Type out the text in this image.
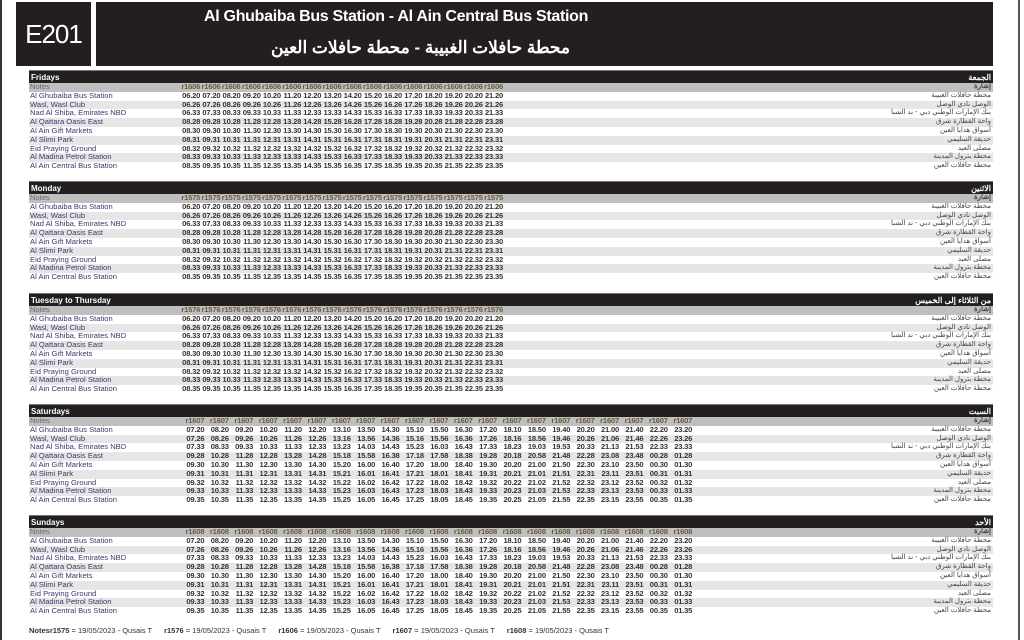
E201
Al Ghubaiba Bus Station - Al Ain Central Bus Station
محطة حافلات الغبيبة - محطة حافلات العين
Fridays	الجمعة
Notes	r1606 r1606 r1606 r1606 r1606 r1606 r1606 r1606 r1606 r1606 r1606 r1606 r1606 r1606 r1606 r1606	إشارة
Al Ghubaiba Bus Station	06.20 07.20 08.20 09.20 10.20 11.20 12.20 13.20 14.20 15.20 16.20 17.20 18.20 19.20 20.20 21.20	محطة حافلات الغبيبة
Wasl, Wasl Club	06.26 07.26 08.26 09.26 10.26 11.26 12.26 13.26 14.26 15.26 16.26 17.26 18.26 19.26 20.26 21.26	الوصل نادي الوصل
Nad Al Shiba, Emirates NBD	06.33 07.33 08.33 09.33 10.33 11.33 12.33 13.33 14.33 15.33 16.33 17.33 18.33 19.33 20.33 21.33	بنك الإمارات الوطني دبي - ند الشبا
Al Qattara Oasis East	08.28 09.28 10.28 11.28 12.28 13.28 14.28 15.28 16.28 17.28 18.28 19.28 20.28 21.28 22.28 23.28	واحة القطارة شرق
Al Ain Gift Markets	08.30 09.30 10.30 11.30 12.30 13.30 14.30 15.30 16.30 17.30 18.30 19.30 20.30 21.30 22.30 23.30	أسواق هدايا العين
Al Slimi Park	08.31 09.31 10.31 11.31 12.31 13.31 14.31 15.31 16.31 17.31 18.31 19.31 20.31 21.31 22.31 23.31	حديقة السليمي
Eid Praying Ground	08.32 09.32 10.32 11.32 12.32 13.32 14.32 15.32 16.32 17.32 18.32 19.32 20.32 21.32 22.32 23.32	مصلى العيد
Al Madina Petrol Station	08.33 09.33 10.33 11.33 12.33 13.33 14.33 15.33 16.33 17.33 18.33 19.33 20.33 21.33 22.33 23.33	محطة بترول المدينة
Al Ain Central Bus Station	08.35 09.35 10.35 11.35 12.35 13.35 14.35 15.35 16.35 17.35 18.35 19.35 20.35 21.35 22.35 23.35	محطة حافلات العين
Monday	الاثنين
Notes	r1575 r1575 r1575 r1575 r1575 r1575 r1575 r1575 r1575 r1575 r1575 r1575 r1575 r1575 r1575 r1575	إشارة
Al Ghubaiba Bus Station	06.20 07.20 08.20 09.20 10.20 11.20 12.20 13.20 14.20 15.20 16.20 17.20 18.20 19.20 20.20 21.20	محطة حافلات الغبيبة
Wasl, Wasl Club	06.26 07.26 08.26 09.26 10.26 11.26 12.26 13.26 14.26 15.26 16.26 17.26 18.26 19.26 20.26 21.26	الوصل نادي الوصل
Nad Al Shiba, Emirates NBD	06.33 07.33 08.33 09.33 10.33 11.33 12.33 13.33 14.33 15.33 16.33 17.33 18.33 19.33 20.33 21.33	بنك الإمارات الوطني دبي - ند الشبا
Al Qattara Oasis East	08.28 09.28 10.28 11.28 12.28 13.28 14.28 15.28 16.28 17.28 18.28 19.28 20.28 21.28 22.28 23.28	واحة القطارة شرق
Al Ain Gift Markets	08.30 09.30 10.30 11.30 12.30 13.30 14.30 15.30 16.30 17.30 18.30 19.30 20.30 21.30 22.30 23.30	أسواق هدايا العين
Al Slimi Park	08.31 09.31 10.31 11.31 12.31 13.31 14.31 15.31 16.31 17.31 18.31 19.31 20.31 21.31 22.31 23.31	حديقة السليمي
Eid Praying Ground	08.32 09.32 10.32 11.32 12.32 13.32 14.32 15.32 16.32 17.32 18.32 19.32 20.32 21.32 22.32 23.32	مصلى العيد
Al Madina Petrol Station	08.33 09.33 10.33 11.33 12.33 13.33 14.33 15.33 16.33 17.33 18.33 19.33 20.33 21.33 22.33 23.33	محطة بترول المدينة
Al Ain Central Bus Station	08.35 09.35 10.35 11.35 12.35 13.35 14.35 15.35 16.35 17.35 18.35 19.35 20.35 21.35 22.35 23.35	محطة حافلات العين
Tuesday to Thursday	من الثلاثاء إلى الخميس
Notes	r1576 r1576 r1576 r1576 r1576 r1576 r1576 r1576 r1576 r1576 r1576 r1576 r1576 r1576 r1576 r1576	إشارة
Al Ghubaiba Bus Station	06.20 07.20 08.20 09.20 10.20 11.20 12.20 13.20 14.20 15.20 16.20 17.20 18.20 19.20 20.20 21.20	محطة حافلات الغبيبة
Wasl, Wasl Club	06.26 07.26 08.26 09.26 10.26 11.26 12.26 13.26 14.26 15.26 16.26 17.26 18.26 19.26 20.26 21.26	الوصل نادي الوصل
Nad Al Shiba, Emirates NBD	06.33 07.33 08.33 09.33 10.33 11.33 12.33 13.33 14.33 15.33 16.33 17.33 18.33 19.33 20.33 21.33	بنك الإمارات الوطني دبي - ند الشبا
Al Qattara Oasis East	08.28 09.28 10.28 11.28 12.28 13.28 14.28 15.28 16.28 17.28 18.28 19.28 20.28 21.28 22.28 23.28	واحة القطارة شرق
Al Ain Gift Markets	08.30 09.30 10.30 11.30 12.30 13.30 14.30 15.30 16.30 17.30 18.30 19.30 20.30 21.30 22.30 23.30	أسواق هدايا العين
Al Slimi Park	08.31 09.31 10.31 11.31 12.31 13.31 14.31 15.31 16.31 17.31 18.31 19.31 20.31 21.31 22.31 23.31	حديقة السليمي
Eid Praying Ground	08.32 09.32 10.32 11.32 12.32 13.32 14.32 15.32 16.32 17.32 18.32 19.32 20.32 21.32 22.32 23.32	مصلى العيد
Al Madina Petrol Station	08.33 09.33 10.33 11.33 12.33 13.33 14.33 15.33 16.33 17.33 18.33 19.33 20.33 21.33 22.33 23.33	محطة بترول المدينة
Al Ain Central Bus Station	08.35 09.35 10.35 11.35 12.35 13.35 14.35 15.35 16.35 17.35 18.35 19.35 20.35 21.35 22.35 23.35	محطة حافلات العين
Saturdays	السبت
Notes	r1607 r1607 r1607 r1607 r1607 r1607 r1607 r1607 r1607 r1607 r1607 r1607 r1607 r1607 r1607 r1607 r1607 r1607 r1607 r1607 r1607	إشارة
Al Ghubaiba Bus Station	07.20 08.20 09.20 10.20 11.20 12.20 13.10 13.50 14.30 15.10 15.50 16.30 17.20 18.10 18.50 19.40 20.20 21.00 21.40 22.20 23.20	محطة حافلات الغبيبة
Wasl, Wasl Club	07.26 08.26 09.26 10.26 11.26 12.26 13.16 13.56 14.36 15.16 15.56 16.36 17.26 18.16 18.56 19.46 20.26 21.06 21.46 22.26 23.26	الوصل نادي الوصل
Nad Al Shiba, Emirates NBD	07.33 08.33 09.33 10.33 11.33 12.33 13.23 14.03 14.43 15.23 16.03 16.43 17.33 18.23 19.03 19.53 20.33 21.13 21.53 22.33 23.33	بنك الإمارات الوطني دبي - ند الشبا
Al Qattara Oasis East	09.28 10.28 11.28 12.28 13.28 14.28 15.18 15.58 16.38 17.18 17.58 18.38 19.28 20.18 20.58 21.48 22.28 23.08 23.48 00.28 01.28	واحة القطارة شرق
Al Ain Gift Markets	09.30 10.30 11.30 12.30 13.30 14.30 15.20 16.00 16.40 17.20 18.00 18.40 19.30 20.20 21.00 21.50 22.30 23.10 23.50 00.30 01.30	أسواق هدايا العين
Al Slimi Park	09.31 10.31 11.31 12.31 13.31 14.31 15.21 16.01 16.41 17.21 18.01 18.41 19.31 20.21 21.01 21.51 22.31 23.11 23.51 00.31 01.31	حديقة السليمي
Eid Praying Ground	09.32 10.32 11.32 12.32 13.32 14.32 15.22 16.02 16.42 17.22 18.02 18.42 19.32 20.22 21.02 21.52 22.32 23.12 23.52 00.32 01.32	مصلى العيد
Al Madina Petrol Station	09.33 10.33 11.33 12.33 13.33 14.33 15.23 16.03 16.43 17.23 18.03 18.43 19.33 20.23 21.03 21.53 22.33 23.13 23.53 00.33 01.33	محطة بترول المدينة
Al Ain Central Bus Station	09.35 10.35 11.35 12.35 13.35 14.35 15.25 16.05 16.45 17.25 18.05 18.45 19.35 20.25 21.05 21.55 22.35 23.15 23.55 00.35 01.35	محطة حافلات العين
Sundays	الأحد
Notes	r1608 r1608 r1608 r1608 r1608 r1608 r1608 r1608 r1608 r1608 r1608 r1608 r1608 r1608 r1608 r1608 r1608 r1608 r1608 r1608 r1608	إشارة
Al Ghubaiba Bus Station	07.20 08.20 09.20 10.20 11.20 12.20 13.10 13.50 14.30 15.10 15.50 16.30 17.20 18.10 18.50 19.40 20.20 21.00 21.40 22.20 23.20	محطة حافلات الغبيبة
Wasl, Wasl Club	07.26 08.26 09.26 10.26 11.26 12.26 13.16 13.56 14.36 15.16 15.56 16.36 17.26 18.16 18.56 19.46 20.26 21.06 21.46 22.26 23.26	الوصل نادي الوصل
Nad Al Shiba, Emirates NBD	07.33 08.33 09.33 10.33 11.33 12.33 13.23 14.03 14.43 15.23 16.03 16.43 17.33 18.23 19.03 19.53 20.33 21.13 21.53 22.33 23.33	بنك الإمارات الوطني دبي - ند الشبا
Al Qattara Oasis East	09.28 10.28 11.28 12.28 13.28 14.28 15.18 15.58 16.38 17.18 17.58 18.38 19.28 20.18 20.58 21.48 22.28 23.08 23.48 00.28 01.28	واحة القطارة شرق
Al Ain Gift Markets	09.30 10.30 11.30 12.30 13.30 14.30 15.20 16.00 16.40 17.20 18.00 18.40 19.30 20.20 21.00 21.50 22.30 23.10 23.50 00.30 01.30	أسواق هدايا العين
Al Slimi Park	09.31 10.31 11.31 12.31 13.31 14.31 15.21 16.01 16.41 17.21 18.01 18.41 19.31 20.21 21.01 21.51 22.31 23.11 23.51 00.31 01.31	حديقة السليمي
Eid Praying Ground	09.32 10.32 11.32 12.32 13.32 14.32 15.22 16.02 16.42 17.22 18.02 18.42 19.32 20.22 21.02 21.52 22.32 23.12 23.52 00.32 01.32	مصلى العيد
Al Madina Petrol Station	09.33 10.33 11.33 12.33 13.33 14.33 15.23 16.03 16.43 17.23 18.03 18.43 19.33 20.23 21.03 21.53 22.33 23.13 23.53 00.33 01.33	محطة بترول المدينة
Al Ain Central Bus Station	09.35 10.35 11.35 12.35 13.35 14.35 15.25 16.05 16.45 17.25 18.05 18.45 19.35 20.25 21.05 21.55 22.35 23.15 23.55 00.35 01.35	محطة حافلات العين
Notesr1575 = 19/05/2023 - Qusais T r1576 = 19/05/2023 - Qusais T r1606 = 19/05/2023 - Qusais T r1607 = 19/05/2023 - Qusais T r1608 = 19/05/2023 - Qusais T
